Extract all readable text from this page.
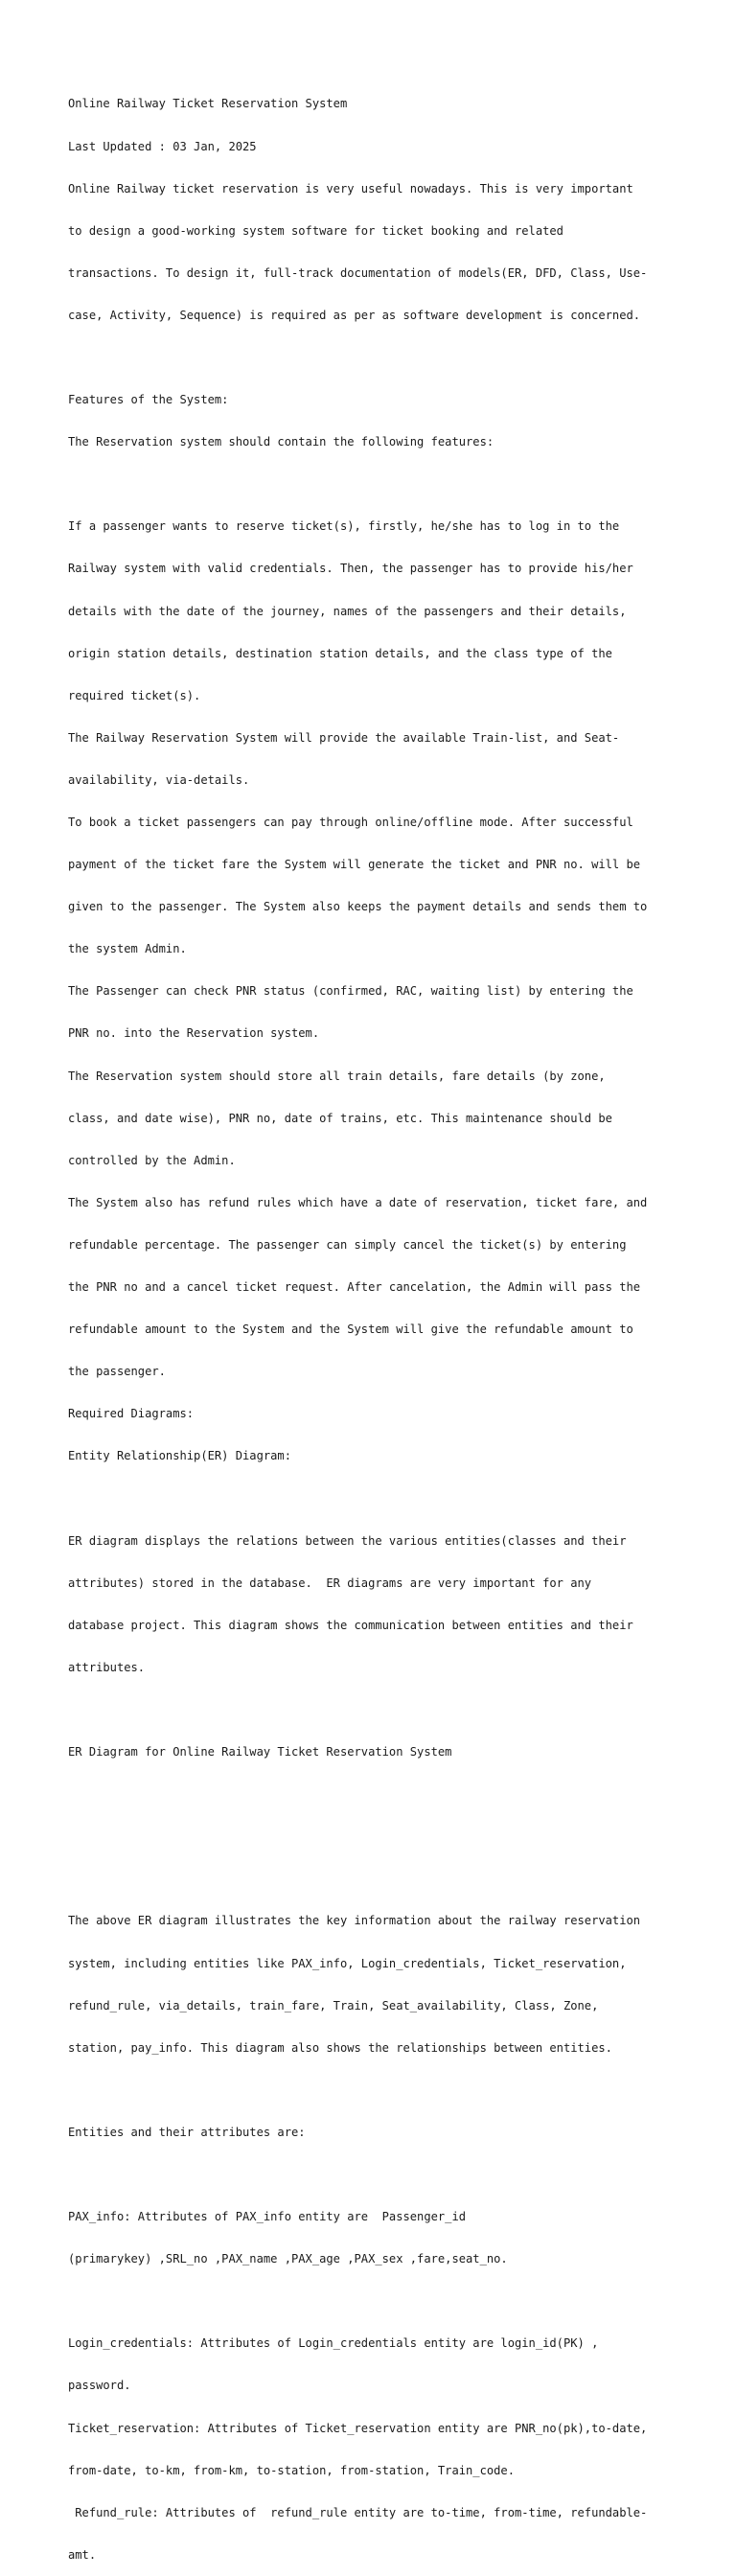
Online Railway Ticket Reservation System

Last Updated : 03 Jan, 2025

Online Railway ticket reservation is very useful nowadays. This is very important

to design a good-working system software for ticket booking and related

transactions. To design it, full-track documentation of models(ER, DFD, Class, Use-

case, Activity, Sequence) is required as per as software development is concerned.

Features of the System:

The Reservation system should contain the following features:

If a passenger wants to reserve ticket(s), firstly, he/she has to log in to the

Railway system with valid credentials. Then, the passenger has to provide his/her

details with the date of the journey, names of the passengers and their details,

origin station details, destination station details, and the class type of the

required ticket(s).

The Railway Reservation System will provide the available Train-list, and Seat-

availability, via-details.

To book a ticket passengers can pay through online/offline mode. After successful

payment of the ticket fare the System will generate the ticket and PNR no. will be

given to the passenger. The System also keeps the payment details and sends them to

the system Admin.

The Passenger can check PNR status (confirmed, RAC, waiting list) by entering the

PNR no. into the Reservation system.

The Reservation system should store all train details, fare details (by zone,

class, and date wise), PNR no, date of trains, etc. This maintenance should be

controlled by the Admin.

The System also has refund rules which have a date of reservation, ticket fare, and

refundable percentage. The passenger can simply cancel the ticket(s) by entering

the PNR no and a cancel ticket request. After cancelation, the Admin will pass the

refundable amount to the System and the System will give the refundable amount to

the passenger.

Required Diagrams:

Entity Relationship(ER) Diagram:

ER diagram displays the relations between the various entities(classes and their

attributes) stored in the database.  ER diagrams are very important for any

database project. This diagram shows the communication between entities and their

attributes.

ER Diagram for Online Railway Ticket Reservation System

The above ER diagram illustrates the key information about the railway reservation

system, including entities like PAX_info, Login_credentials, Ticket_reservation,

refund_rule, via_details, train_fare, Train, Seat_availability, Class, Zone,

station, pay_info. This diagram also shows the relationships between entities.

Entities and their attributes are:

PAX_info: Attributes of PAX_info entity are  Passenger_id

(primarykey) ,SRL_no ,PAX_name ,PAX_age ,PAX_sex ,fare,seat_no.

Login_credentials: Attributes of Login_credentials entity are login_id(PK) ,

password.

Ticket_reservation: Attributes of Ticket_reservation entity are PNR_no(pk),to-date,

from-date, to-km, from-km, to-station, from-station, Train_code.

Refund_rule: Attributes of  refund_rule entity are to-time, from-time, refundable-

amt.
